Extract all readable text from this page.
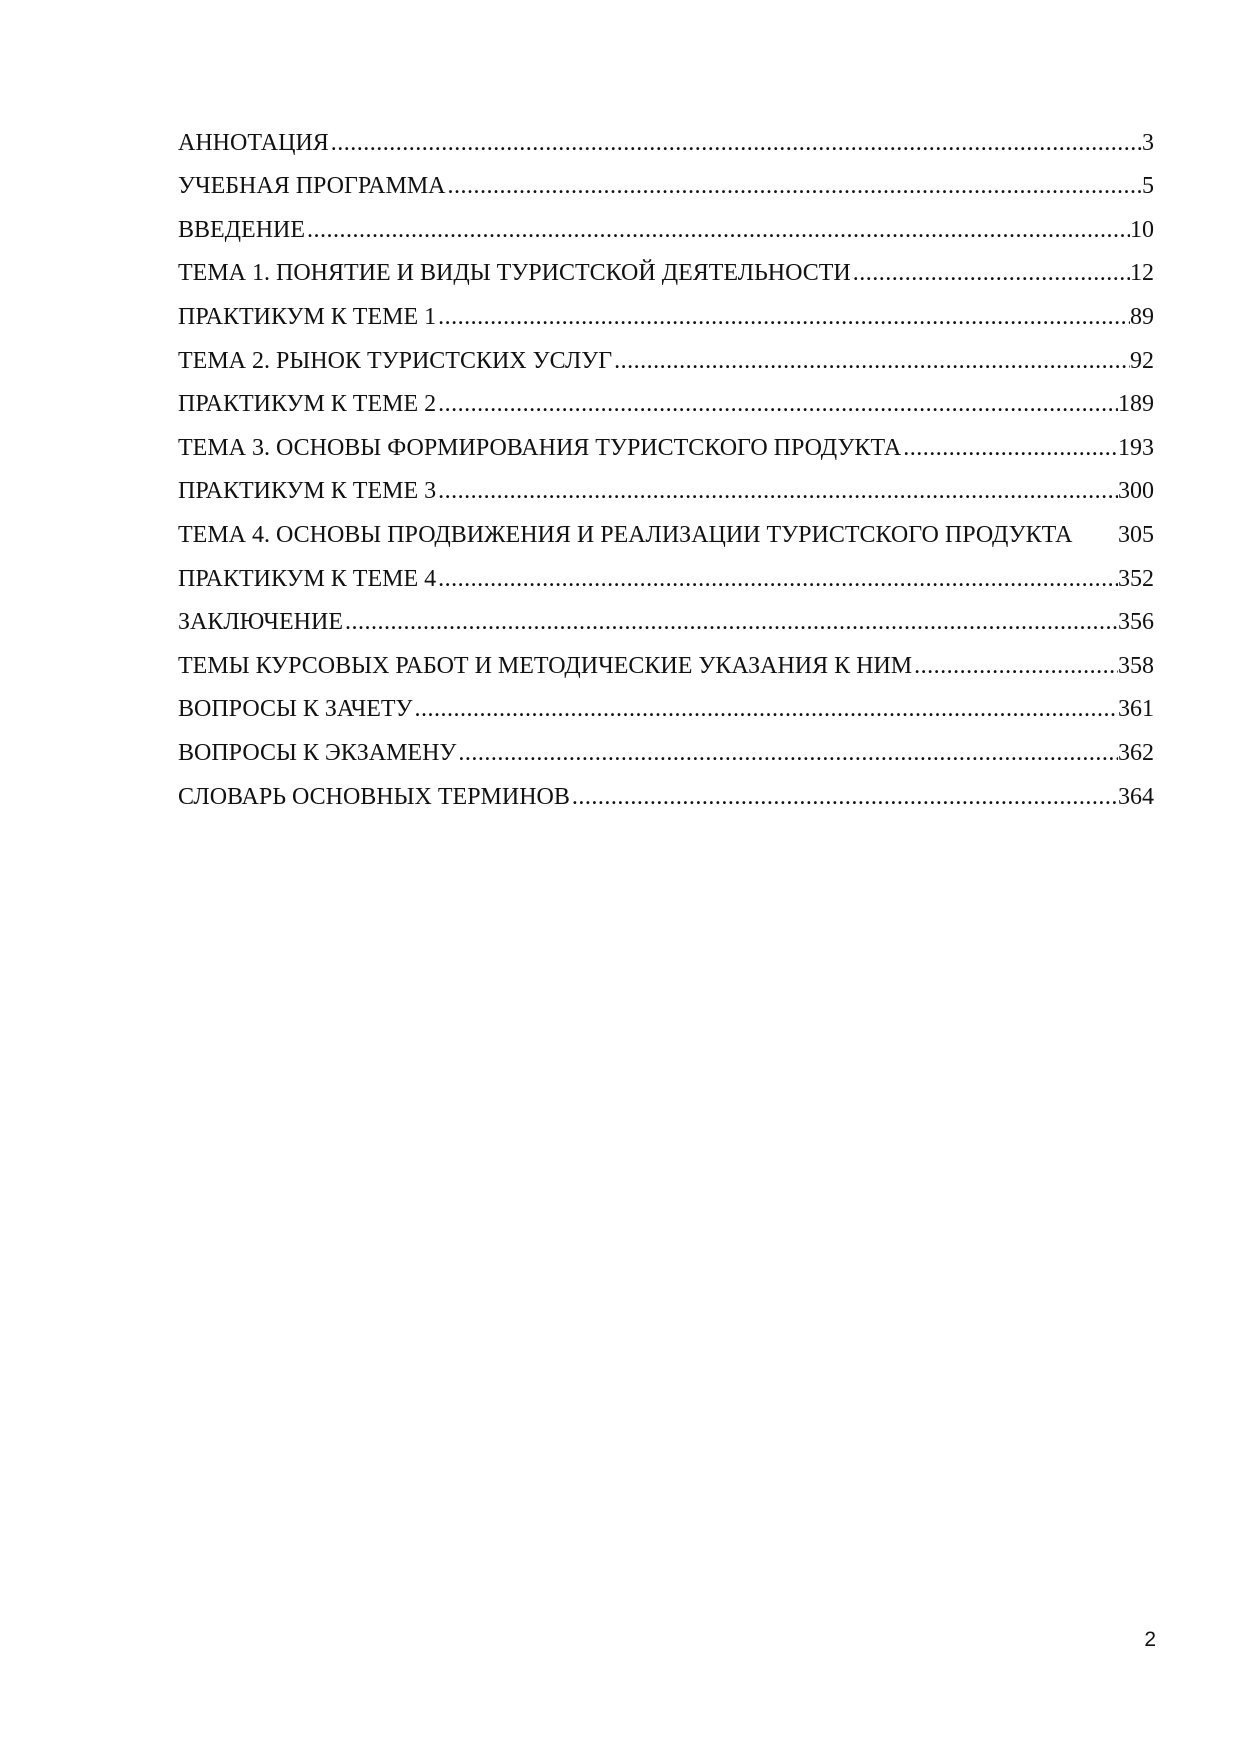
АННОТАЦИЯ .....	3
УЧЕБНАЯ ПРОГРАММА .....	5
ВВЕДЕНИЕ .....	10
ТЕМА 1. ПОНЯТИЕ И ВИДЫ ТУРИСТСКОЙ ДЕЯТЕЛЬНОСТИ .....	12
ПРАКТИКУМ К ТЕМЕ 1 .....	89
ТЕМА 2. РЫНОК ТУРИСТСКИХ УСЛУГ .....	92
ПРАКТИКУМ К ТЕМЕ 2 .....	189
ТЕМА 3. ОСНОВЫ ФОРМИРОВАНИЯ ТУРИСТСКОГО ПРОДУКТА .....	193
ПРАКТИКУМ К ТЕМЕ 3 .....	300
ТЕМА 4. ОСНОВЫ ПРОДВИЖЕНИЯ И РЕАЛИЗАЦИИ ТУРИСТСКОГО ПРОДУКТА 305
ПРАКТИКУМ К ТЕМЕ 4 .....	352
ЗАКЛЮЧЕНИЕ .....	356
ТЕМЫ КУРСОВЫХ РАБОТ И МЕТОДИЧЕСКИЕ УКАЗАНИЯ К НИМ .....	358
ВОПРОСЫ К ЗАЧЕТУ .....	361
ВОПРОСЫ К ЭКЗАМЕНУ .....	362
СЛОВАРЬ ОСНОВНЫХ ТЕРМИНОВ .....	364
2
